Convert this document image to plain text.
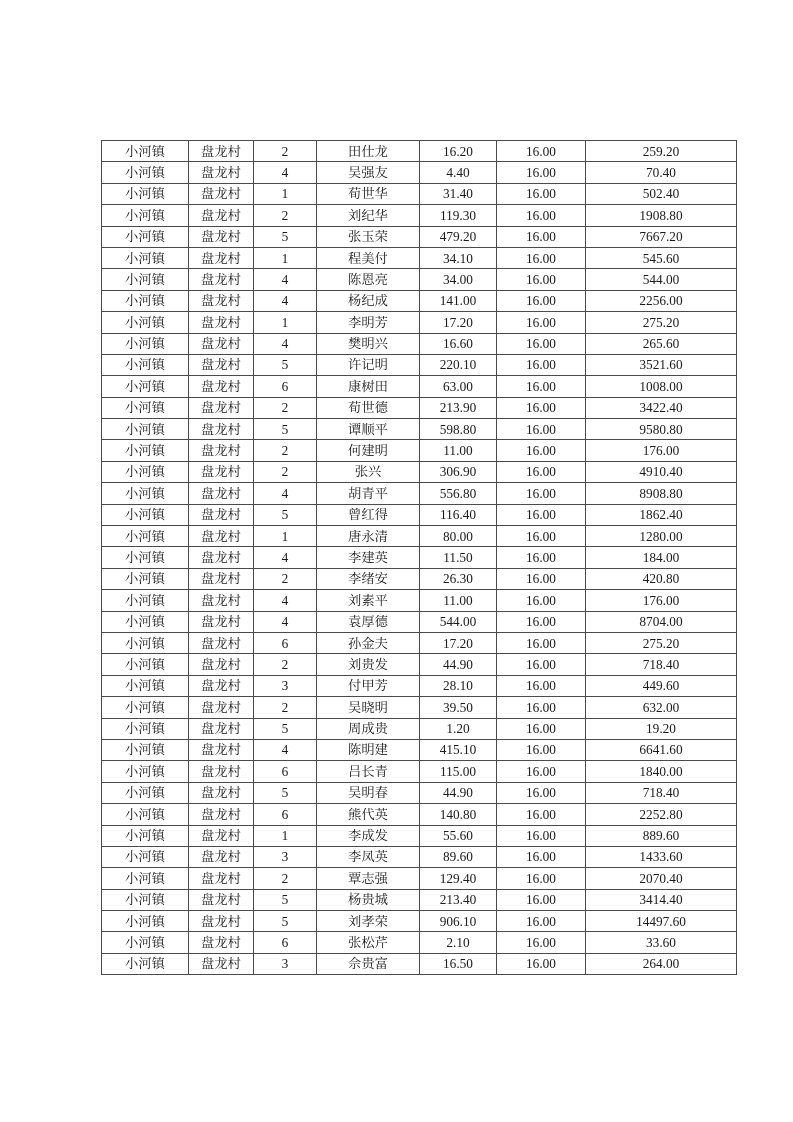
小河镇	盘龙村	2	田仕龙	16.20	16.00	259.20
小河镇	盘龙村	4	吴强友	4.40	16.00	70.40
小河镇	盘龙村	1	荀世华	31.40	16.00	502.40
小河镇	盘龙村	2	刘纪华	119.30	16.00	1908.80
小河镇	盘龙村	5	张玉荣	479.20	16.00	7667.20
小河镇	盘龙村	1	程美付	34.10	16.00	545.60
小河镇	盘龙村	4	陈恩亮	34.00	16.00	544.00
小河镇	盘龙村	4	杨纪成	141.00	16.00	2256.00
小河镇	盘龙村	1	李明芳	17.20	16.00	275.20
小河镇	盘龙村	4	樊明兴	16.60	16.00	265.60
小河镇	盘龙村	5	许记明	220.10	16.00	3521.60
小河镇	盘龙村	6	康树田	63.00	16.00	1008.00
小河镇	盘龙村	2	荀世德	213.90	16.00	3422.40
小河镇	盘龙村	5	谭顺平	598.80	16.00	9580.80
小河镇	盘龙村	2	何建明	11.00	16.00	176.00
小河镇	盘龙村	2	张兴	306.90	16.00	4910.40
小河镇	盘龙村	4	胡青平	556.80	16.00	8908.80
小河镇	盘龙村	5	曾红得	116.40	16.00	1862.40
小河镇	盘龙村	1	唐永清	80.00	16.00	1280.00
小河镇	盘龙村	4	李建英	11.50	16.00	184.00
小河镇	盘龙村	2	李绪安	26.30	16.00	420.80
小河镇	盘龙村	4	刘素平	11.00	16.00	176.00
小河镇	盘龙村	4	袁厚德	544.00	16.00	8704.00
小河镇	盘龙村	6	孙金夫	17.20	16.00	275.20
小河镇	盘龙村	2	刘贵发	44.90	16.00	718.40
小河镇	盘龙村	3	付甲芳	28.10	16.00	449.60
小河镇	盘龙村	2	吴晓明	39.50	16.00	632.00
小河镇	盘龙村	5	周成贵	1.20	16.00	19.20
小河镇	盘龙村	4	陈明建	415.10	16.00	6641.60
小河镇	盘龙村	6	吕长青	115.00	16.00	1840.00
小河镇	盘龙村	5	吴明春	44.90	16.00	718.40
小河镇	盘龙村	6	熊代英	140.80	16.00	2252.80
小河镇	盘龙村	1	李成发	55.60	16.00	889.60
小河镇	盘龙村	3	李凤英	89.60	16.00	1433.60
小河镇	盘龙村	2	覃志强	129.40	16.00	2070.40
小河镇	盘龙村	5	杨贵城	213.40	16.00	3414.40
小河镇	盘龙村	5	刘孝荣	906.10	16.00	14497.60
小河镇	盘龙村	6	张松芹	2.10	16.00	33.60
小河镇	盘龙村	3	佘贵富	16.50	16.00	264.00
